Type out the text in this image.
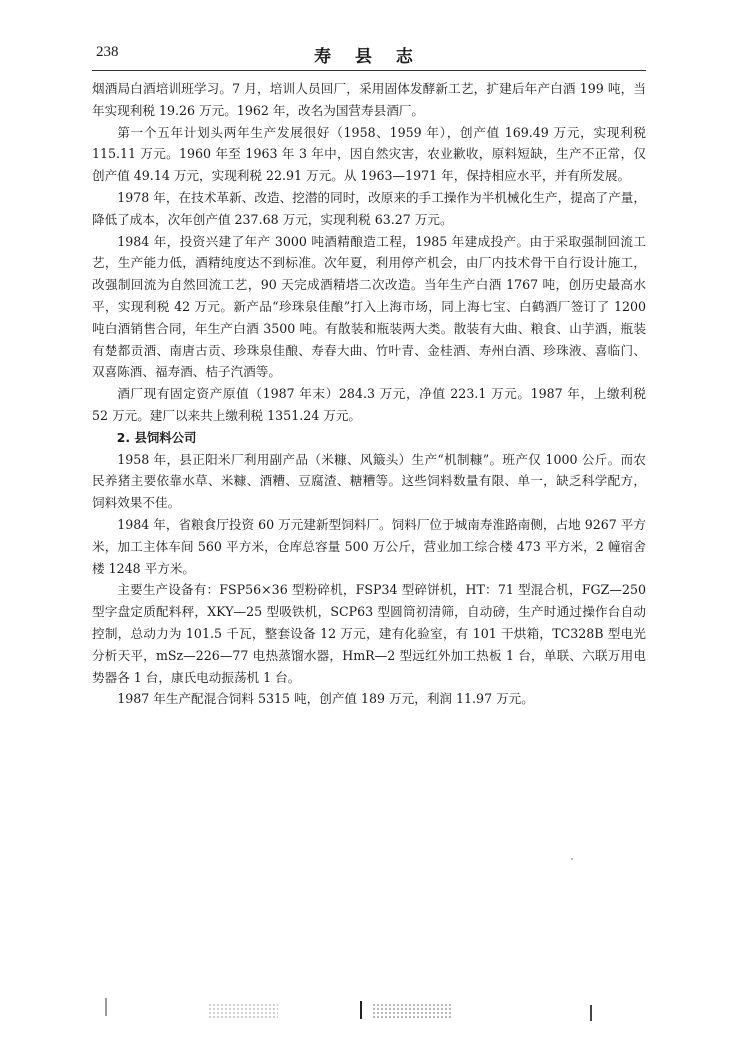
238	寿 县 志

烟酒局白酒培训班学习。7 月，培训人员回厂，采用固体发酵新工艺，扩建后年产白酒 199 吨，当年实现利税 19.26 万元。1962 年，改名为国营寿县酒厂。

第一个五年计划头两年生产发展很好（1958、1959 年），创产值 169.49 万元，实现利税 115.11 万元。1960 年至 1963 年 3 年中，因自然灾害，农业歉收，原料短缺，生产不正常，仅创产值 49.14 万元，实现利税 22.91 万元。从 1963—1971 年，保持相应水平，并有所发展。

1978 年，在技术革新、改造、挖潜的同时，改原来的手工操作为半机械化生产，提高了产量，降低了成本，次年创产值 237.68 万元，实现利税 63.27 万元。

1984 年，投资兴建了年产 3000 吨酒精酿造工程，1985 年建成投产。由于采取强制回流工艺，生产能力低，酒精纯度达不到标准。次年夏，利用停产机会，由厂内技术骨干自行设计施工，改强制回流为自然回流工艺，90 天完成酒精塔二次改造。当年生产白酒 1767 吨，创历史最高水平，实现利税 42 万元。新产品“珍珠泉佳酿”打入上海市场，同上海七宝、白鹤酒厂签订了 1200 吨白酒销售合同，年生产白酒 3500 吨。有散装和瓶装两大类。散装有大曲、粮食、山芋酒，瓶装有楚都贡酒、南唐古贡、珍珠泉佳酿、寿春大曲、竹叶青、金桂酒、寿州白酒、珍珠液、喜临门、双喜陈酒、福寿酒、桔子汽酒等。

酒厂现有固定资产原值（1987 年末）284.3 万元，净值 223.1 万元。1987 年，上缴利税 52 万元。建厂以来共上缴利税 1351.24 万元。

2. 县饲料公司

1958 年，县正阳米厂利用副产品（米糠、风簸头）生产“机制糠”。班产仅 1000 公斤。而农民养猪主要依靠水草、米糠、酒糟、豆腐渣、糖糟等。这些饲料数量有限、单一，缺乏科学配方，饲料效果不佳。

1984 年，省粮食厅投资 60 万元建新型饲料厂。饲料厂位于城南寿淮路南侧，占地 9267 平方米，加工主体车间 560 平方米，仓库总容量 500 万公斤，营业加工综合楼 473 平方米，2 幢宿舍楼 1248 平方米。

主要生产设备有：FSP56×36 型粉碎机，FSP34 型碎饼机，HT：71 型混合机，FGZ—250 型字盘定质配料秤，XKY—25 型吸铁机，SCP63 型圆筒初清筛，自动磅，生产时通过操作台自动控制，总动力为 101.5 千瓦，整套设备 12 万元，建有化验室，有 101 干烘箱，TC328B 型电光分析天平，mSz—226—77 电热蒸馏水器，HmR—2 型远红外加工热板 1 台，单联、六联万用电势器各 1 台，康氏电动振荡机 1 台。

1987 年生产配混合饲料 5315 吨，创产值 189 万元，利润 11.97 万元。
